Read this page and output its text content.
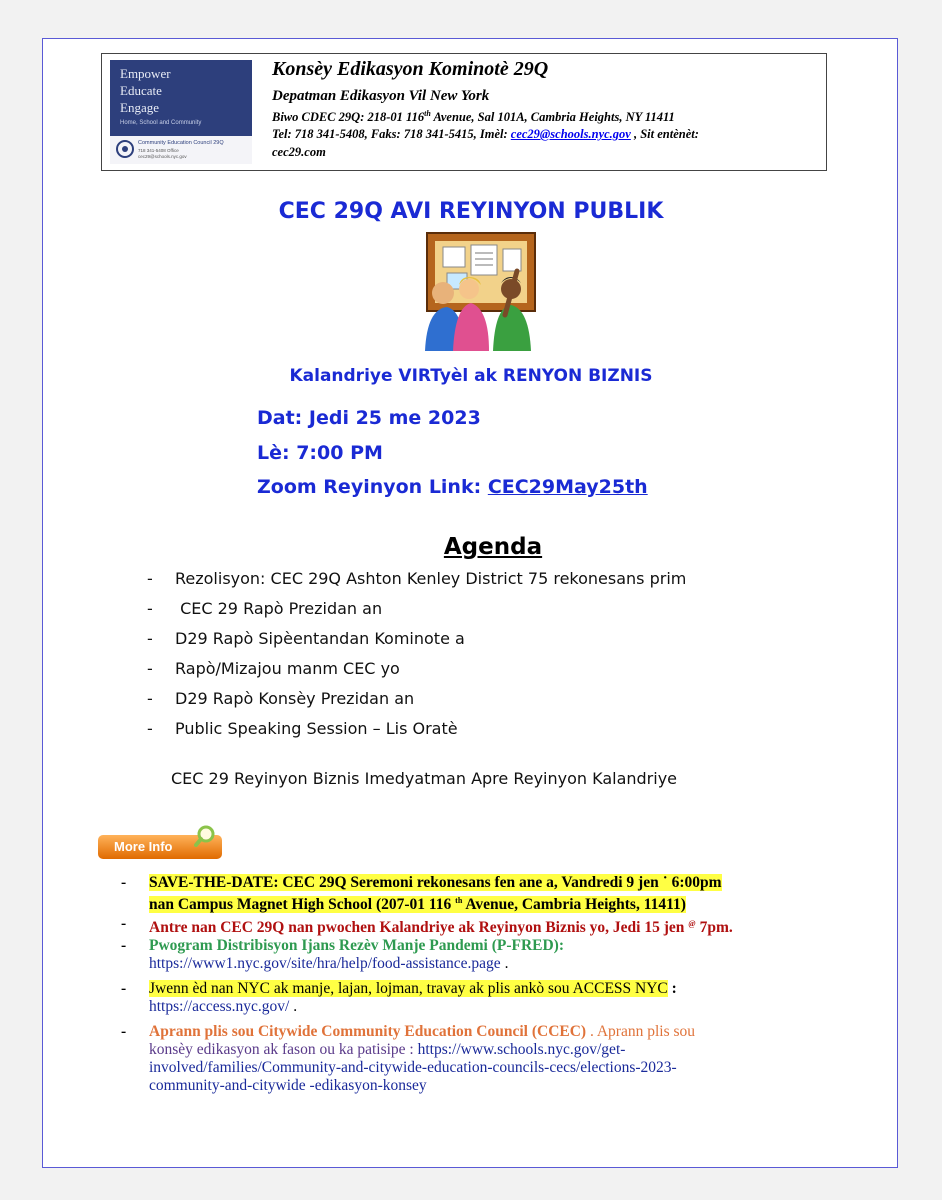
Empower
Educate
Engage
Home, School and Community
Community Education Council 29Q
718 341-5408 Office
cec29@schools.nyc.gov
Konsèy Edikasyon Kominotè 29Q
Depatman Edikasyon Vil New York
Biwo CDEC 29Q: 218-01 116th Avenue, Sal 101A, Cambria Heights, NY 11411
Tel: 718 341-5408, Faks: 718 341-5415, Imèl: cec29@schools.nyc.gov , Sit entènèt:
cec29.com
CEC 29Q AVI REYINYON PUBLIK
Kalandriye VIRTyèl ak RENYON BIZNIS
Dat: Jedi 25 me 2023
Lè: 7:00 PM
Zoom Reyinyon Link: CEC29May25th
Agenda
- Rezolisyon: CEC 29Q Ashton Kenley District 75 rekonesans prim
- CEC 29 Rapò Prezidan an
- D29 Rapò Sipèentandan Kominote a
- Rapò/Mizajou manm CEC yo
- D29 Rapò Konsèy Prezidan an
- Public Speaking Session – Lis Oratè
CEC 29 Reyinyon Biznis Imedyatman Apre Reyinyon Kalandriye
More Info
- SAVE-THE-DATE: CEC 29Q Seremoni rekonesans fen ane a, Vandredi 9 jen ˙ 6:00pm
nan Campus Magnet High School (207-01 116 $^{th}$ Avenue, Cambria Heights, 11411)
- Antre nan CEC 29Q nan pwochen Kalandriye ak Reyinyon Biznis yo, Jedi 15 jen @ 7pm.
- Pwogram Distribisyon Ijans Rezèv Manje Pandemi (P-FRED):
https://www1.nyc.gov/site/hra/help/food-assistance.page .
- Jwenn èd nan NYC ak manje, lajan, lojman, travay ak plis ankò sou ACCESS NYC :
https://access.nyc.gov/ .
- Aprann plis sou Citywide Community Education Council (CCEC) . Aprann plis sou
konsèy edikasyon ak fason ou ka patisipe : https://www.schools.nyc.gov/get-
involved/families/Community-and-citywide-education-councils-cecs/elections-2023-
community-and-citywide -edikasyon-konsey
